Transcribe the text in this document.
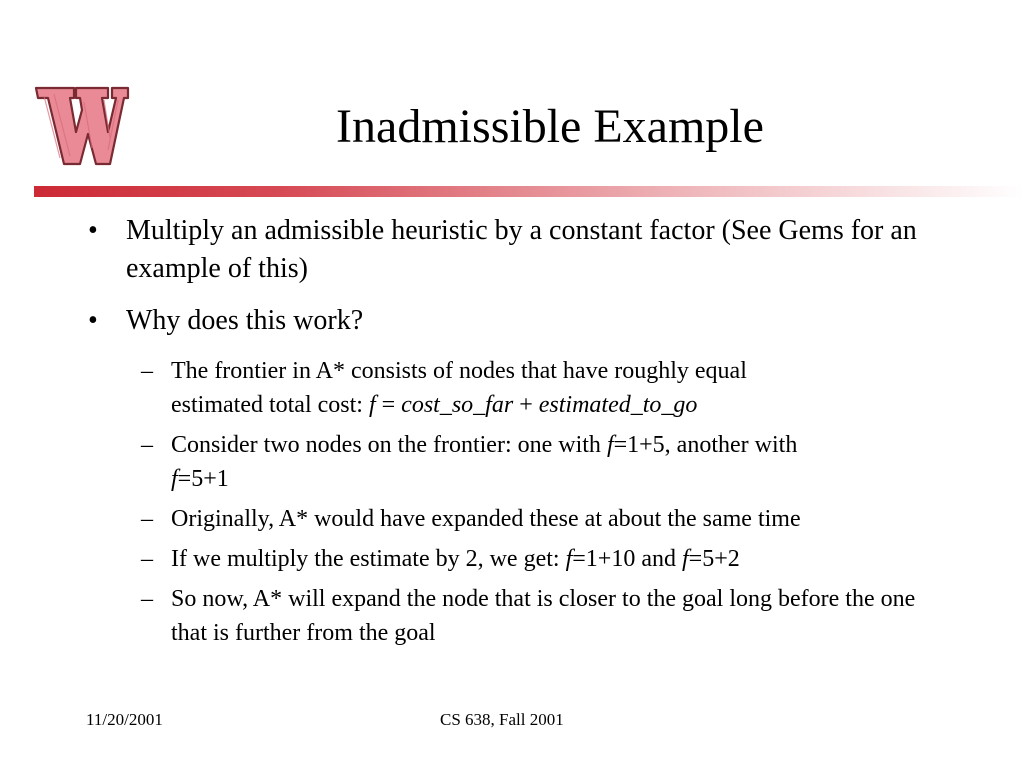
Inadmissible Example
• Multiply an admissible heuristic by a constant factor (See Gems for an example of this)
• Why does this work?
– The frontier in A* consists of nodes that have roughly equal
estimated total cost: f = cost_so_far + estimated_to_go
– Consider two nodes on the frontier: one with f=1+5, another with
f=5+1
– Originally, A* would have expanded these at about the same time
– If we multiply the estimate by 2, we get: f=1+10 and f=5+2
– So now, A* will expand the node that is closer to the goal long before the one that is further from the goal
11/20/2001	CS 638, Fall 2001
